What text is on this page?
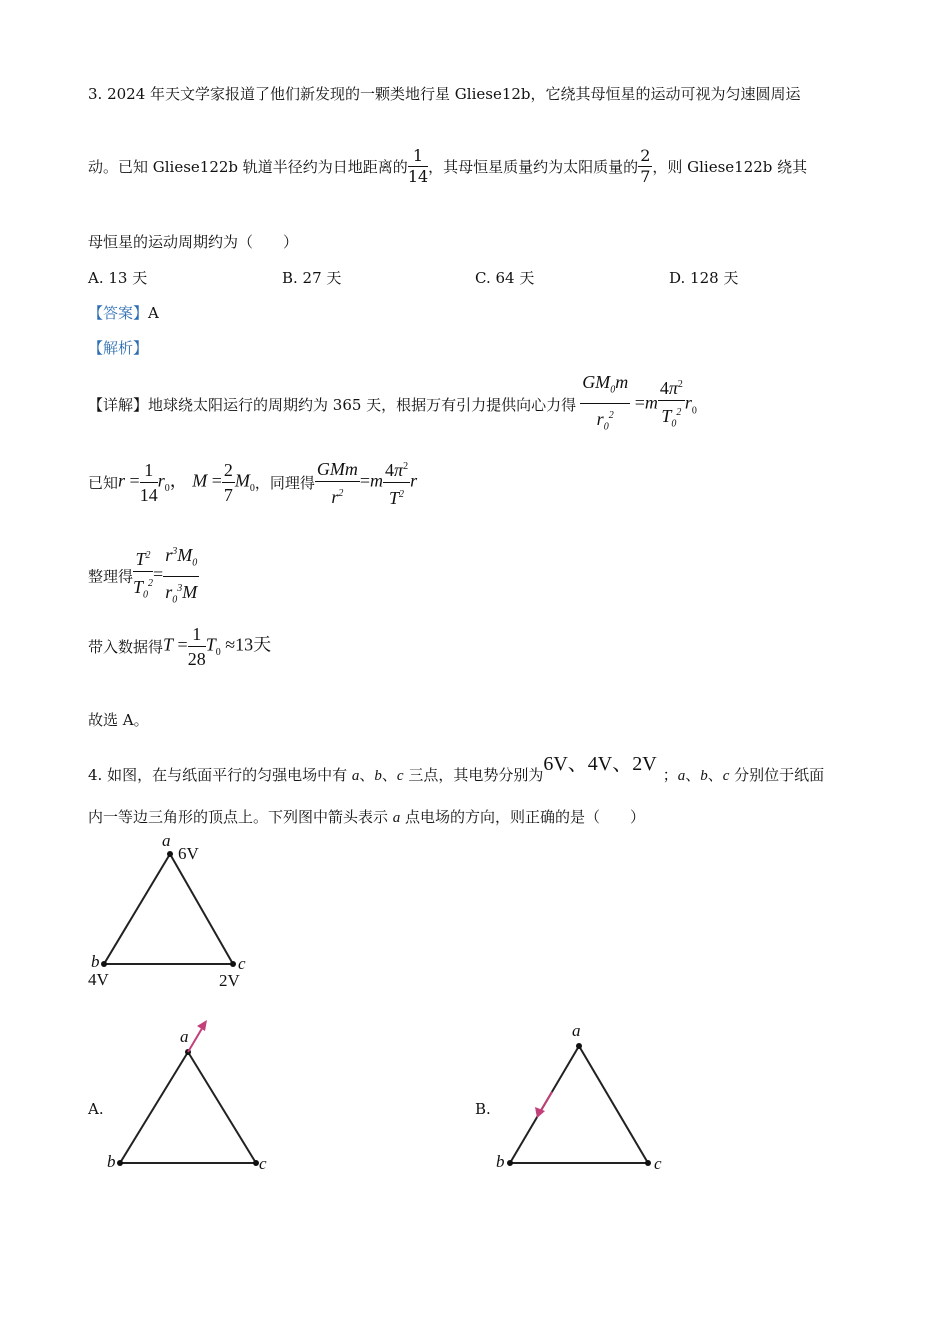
3. 2024 年天文学家报道了他们新发现的一颗类地行星 Gliese12b，它绕其母恒星的运动可视为匀速圆周运
动。已知 Gliese122b 轨道半径约为日地距离的 $\frac{1}{14}$ ，其母恒星质量约为太阳质量的 $\frac{2}{7}$ ，则 Gliese122b 绕其
母恒星的运动周期约为（　　）
A. 13 天	B. 27 天	C. 64 天	D. 128 天
【答案】A
【解析】
【详解】地球绕太阳运行的周期约为 365 天，根据万有引力提供向心力得 $\frac{GM_0m}{r_0^2} =m \frac{4\pi^2}{T_0^2} r_0$
已知$r = \frac{1}{14} r_0$， $M = \frac{2}{7} M_0$，同理得 $\frac{\text{GMm}}{r^2} =m \frac{4\pi^2}{T^2}$ r
整理得 $\frac{T^2}{T_0^2} = \frac{r^3M_0}{r_0^3M}$
带入数据得$T = \frac{1}{28} T_0 \approx 13$天
故选 A。
4. 如图，在与纸面平行的匀强电场中有 a、b、c 三点，其电势分别为6V、4V、2V ；a、b、c 分别位于纸面
内一等边三角形的顶点上。下列图中箭头表示 a 点电场的方向，则正确的是（　　）
a
6V
b
4V
c
2V
A.
a
b	c
B.
a
b	c
